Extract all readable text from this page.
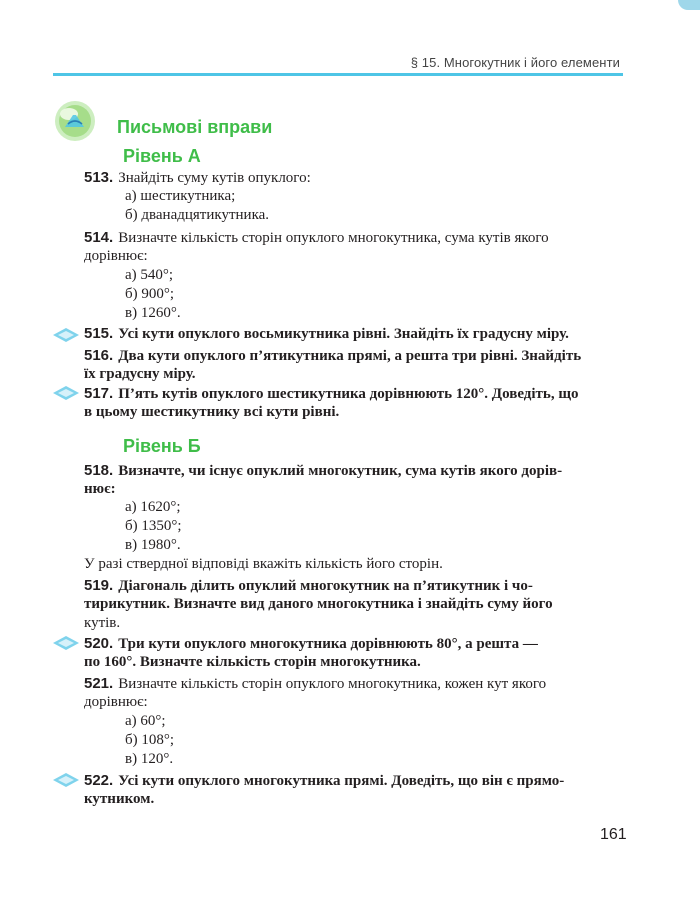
§ 15. Многокутник і його елементи
Письмові вправи
Рівень А
513. Знайдіть суму кутів опуклого:
а) шестикутника;
б) дванадцятикутника.
514. Визначте кількість сторін опуклого многокутника, сума кутів якого
дорівнює:
а) 540°;
б) 900°;
в) 1260°.
515. Усі кути опуклого восьмикутника рівні. Знайдіть їх градусну міру.
516. Два кути опуклого п’ятикутника прямі, а решта три рівні. Знайдіть
їх градусну міру.
517. П’ять кутів опуклого шестикутника дорівнюють 120°. Доведіть, що
в цьому шестикутнику всі кути рівні.
Рівень Б
518. Визначте, чи існує опуклий многокутник, сума кутів якого дорів-
нює:
а) 1620°;
б) 1350°;
в) 1980°.
У разі ствердної відповіді вкажіть кількість його сторін.
519. Діагональ ділить опуклий многокутник на п’ятикутник і чо-
тирикутник. Визначте вид даного многокутника і знайдіть суму його
кутів.
520. Три кути опуклого многокутника дорівнюють 80°, а решта —
по 160°. Визначте кількість сторін многокутника.
521. Визначте кількість сторін опуклого многокутника, кожен кут якого
дорівнює:
а) 60°;
б) 108°;
в) 120°.
522. Усі кути опуклого многокутника прямі. Доведіть, що він є прямо-
кутником.
161
